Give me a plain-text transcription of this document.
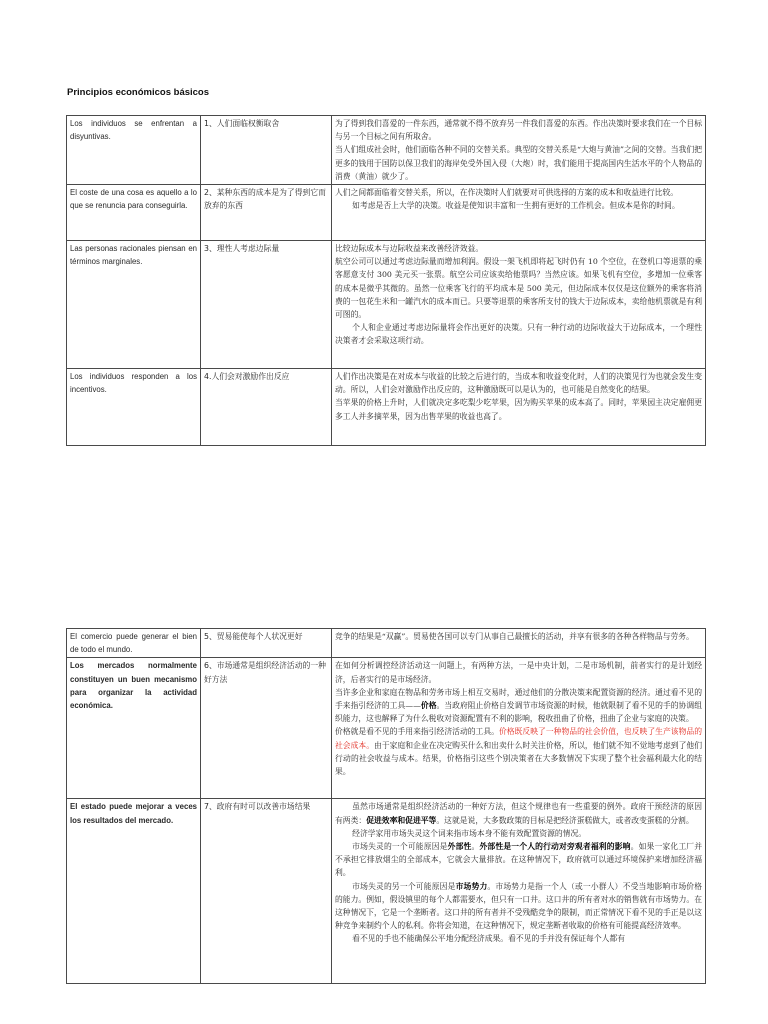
Principios económicos básicos
Los individuos se enfrentan a disyuntivas.	1、人们面临权衡取舍	为了得到我们喜爱的一件东西，通常就不得不放弃另一件我们喜爱的东西。作出决策时要求我们在一个目标与另一个目标之间有所取舍。

当人们组成社会时，他们面临各种不同的交替关系。典型的交替关系是“大炮与黄油”之间的交替。当我们把更多的钱用于国防以保卫我们的海岸免受外国入侵（大炮）时，我们能用于提高国内生活水平的个人物品的消费（黄油）就少了。

El coste de una cosa es aquello a lo que se renuncia para conseguirla.	2、某种东西的成本是为了得到它而放弃的东西	人们之间都面临着交替关系，所以，在作决策时人们就要对可供选择的方案的成本和收益进行比较。

如考虑是否上大学的决策。收益是使知识丰富和一生拥有更好的工作机会。但成本是你的时间。

Las personas racionales piensan en términos marginales.	3、理性人考虑边际量	比较边际成本与边际收益来改善经济效益。

航空公司可以通过考虑边际量而增加利润。假设一架飞机即将起飞时仍有 10 个空位，在登机口等退票的乘客愿意支付 300 美元买一张票。航空公司应该卖给他票吗？当然应该。如果飞机有空位，多增加一位乘客的成本是微乎其微的。虽然一位乘客飞行的平均成本是 500 美元，但边际成本仅仅是这位额外的乘客将消费的一包花生米和一罐汽水的成本而已。只要等退票的乘客所支付的钱大于边际成本，卖给他机票就是有利可图的。

个人和企业通过考虑边际量将会作出更好的决策。只有一种行动的边际收益大于边际成本，一个理性决策者才会采取这项行动。

Los individuos responden a los incentivos.	4.人们会对激励作出反应	人们作出决策是在对成本与收益的比较之后进行的，当成本和收益变化时，人们的决策见行为也就会发生变动。所以，人们会对激励作出反应的，这种激励既可以是认为的，也可能是自然变化的结果。

当苹果的价格上升时，人们就决定多吃梨少吃苹果，因为购买苹果的成本高了。同时，苹果园主决定雇佣更多工人并多摘苹果，因为出售苹果的收益也高了。

El comercio puede generar el bien de todo el mundo.	5、贸易能使每个人状况更好	竞争的结果是“双赢”。贸易使各国可以专门从事自己最擅长的活动，并享有很多的各种各样物品与劳务。

Los mercados normalmente constituyen un buen mecanismo para organizar la actividad económica.	6、市场通常是组织经济活动的一种好方法	在如何分析调控经济活动这一问题上，有两种方法，一是中央计划，二是市场机制，前者实行的是计划经济，后者实行的是市场经济。

当许多企业和家庭在物品和劳务市场上相互交易时，通过他们的分散决策来配置资源的经济。通过看不见的手来指引经济的工具——价格。当政府阻止价格自发调节市场资源的时候，他就限制了看不见的手的协调组织能力，这也解释了为什么税收对资源配置有不利的影响，税收扭曲了价格，扭曲了企业与家庭的决策。

价格就是看不见的手用来指引经济活动的工具。价格既反映了一种物品的社会价值，也反映了生产该物品的社会成本。由于家庭和企业在决定购买什么和出卖什么时关注价格，所以，他们就不知不觉地考虑到了他们行动的社会收益与成本。结果，价格指引这些个别决策者在大多数情况下实现了整个社会福利最大化的结果。

El estado puede mejorar a veces los resultados del mercado.	7、政府有时可以改善市场结果	虽然市场通常是组织经济活动的一种好方法，但这个规律也有一些重要的例外。政府干预经济的原因有两类：促进效率和促进平等。这就是说，大多数政策的目标是把经济蛋糕做大，或者改变蛋糕的分割。

经济学家用市场失灵这个词来指市场本身不能有效配置资源的情况。

市场失灵的一个可能原因是外部性。外部性是一个人的行动对旁观者福利的影响。如果一家化工厂并不承担它排放烟尘的全部成本，它就会大量排放。在这种情况下，政府就可以通过环境保护来增加经济福利。

市场失灵的另一个可能原因是市场势力。市场势力是指一个人（或一小群人）不受当地影响市场价格的能力。例如，假设镇里的每个人都需要水，但只有一口井。这口井的所有者对水的销售就有市场势力。在这种情况下，它是一个垄断者。这口井的所有者并不受残酷竞争的限制，而正常情况下看不见的手正是以这种竞争来制约个人的私利。你将会知道，在这种情况下，规定垄断者收取的价格有可能提高经济效率。

看不见的手也不能确保公平地分配经济成果。看不见的手并没有保证每个人都有
